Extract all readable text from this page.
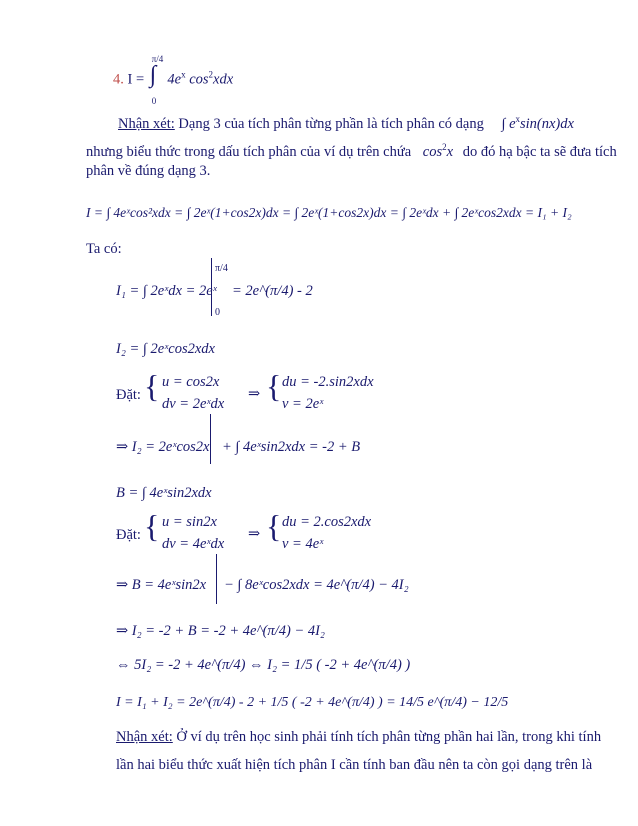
4. I =
π/4
∫
0
$4e^x$ $\cos^2xdx$
Nhận xét: Dạng 3 của tích phân từng phần là tích phân có dạng ∫ $e^x\sin(nx)dx$
nhưng biểu thức trong dấu tích phân của ví dụ trên chứa $\cos^2x$ do đó hạ bậc ta sẽ đưa tích
phân về đúng dạng 3.
I = ∫ 4eˣcos²xdx = ∫ 2eˣ(1+cos2x)dx = ∫ 2eˣ(1+cos2x)dx = ∫ 2eˣdx + ∫ 2eˣcos2xdx = I₁ + I₂
Ta có:
I₁ = ∫ 2eˣdx = 2eˣ
π/4
0
= 2e^(π/4) - 2
I₂ = ∫ 2eˣcos2xdx
Đặt: { u = cos2x
dv = 2eˣdx
⇒ { du = -2.sin2xdx
v = 2eˣ
⇒ I₂ = 2eˣcos2x + ∫ 4eˣsin2xdx = -2 + B
B = ∫ 4eˣsin2xdx
Đặt: { u = sin2x
dv = 4eˣdx
⇒ { du = 2.cos2xdx
v = 4eˣ
⇒ B = 4eˣsin2x − ∫ 8eˣcos2xdx = 4e^(π/4) − 4I₂
⇒ I₂ = -2 + B = -2 + 4e^(π/4) − 4I₂
⇔ 5I₂ = -2 + 4e^(π/4) ⇔ I₂ = 1/5 ( -2 + 4e^(π/4) )
I = I₁ + I₂ = 2e^(π/4) - 2 + 1/5 ( -2 + 4e^(π/4) ) = 14/5 e^(π/4) − 12/5
Nhận xét: Ở ví dụ trên học sinh phải tính tích phân từng phần hai lần, trong khi tính
lần hai biểu thức xuất hiện tích phân I cần tính ban đầu nên ta còn gọi dạng trên là
